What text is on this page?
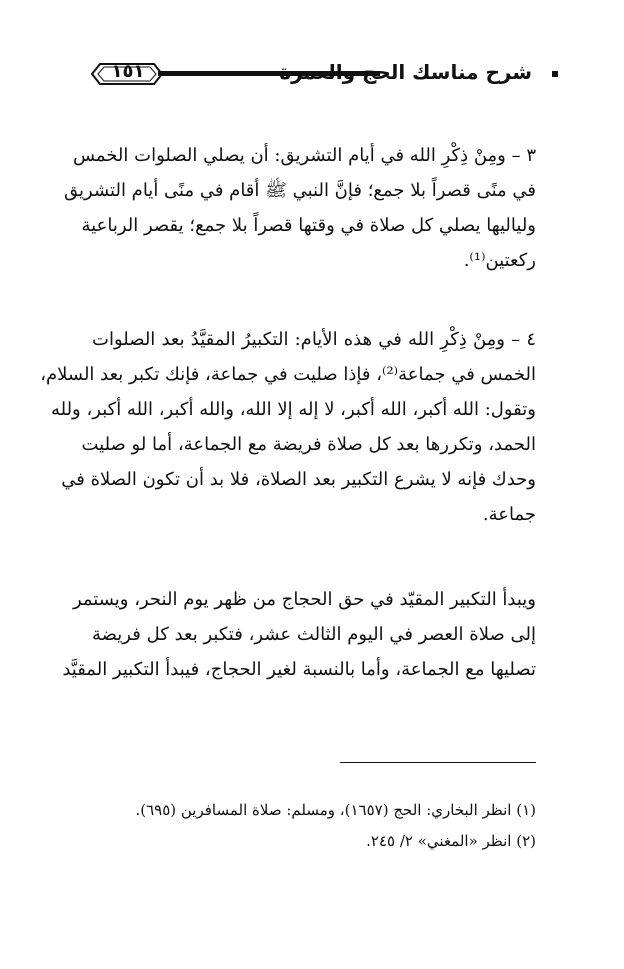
١٥١	شرح مناسك الحج والعمرة
٣ – ومِنْ ذِكْرِ الله في أيام التشريق: أن يصلي الصلوات الخمس
في منًى قصراً بلا جمع؛ فإنَّ النبي ﷺ أقام في منًى أيام التشريق
ولياليها يصلي كل صلاة في وقتها قصراً بلا جمع؛ يقصر الرباعية
ركعتين⁽¹⁾.
٤ – ومِنْ ذِكْرِ الله في هذه الأيام: التكبيرُ المقيَّدُ بعد الصلوات
الخمس في جماعة⁽²⁾، فإذا صليت في جماعة، فإنك تكبر بعد السلام،
وتقول: الله أكبر، الله أكبر، لا إله إلا الله، والله أكبر، الله أكبر، ولله
الحمد، وتكررها بعد كل صلاة فريضة مع الجماعة، أما لو صليت
وحدك فإنه لا يشرع التكبير بعد الصلاة، فلا بد أن تكون الصلاة في
جماعة.
ويبدأ التكبير المقيّد في حق الحجاج من ظهر يوم النحر، ويستمر
إلى صلاة العصر في اليوم الثالث عشر، فتكبر بعد كل فريضة
تصليها مع الجماعة، وأما بالنسبة لغير الحجاج، فيبدأ التكبير المقيَّد
(١) انظر البخاري: الحج (١٦٥٧)، ومسلم: صلاة المسافرين (٦٩٥).
(٢) انظر «المغني» ٢/ ٢٤٥.
